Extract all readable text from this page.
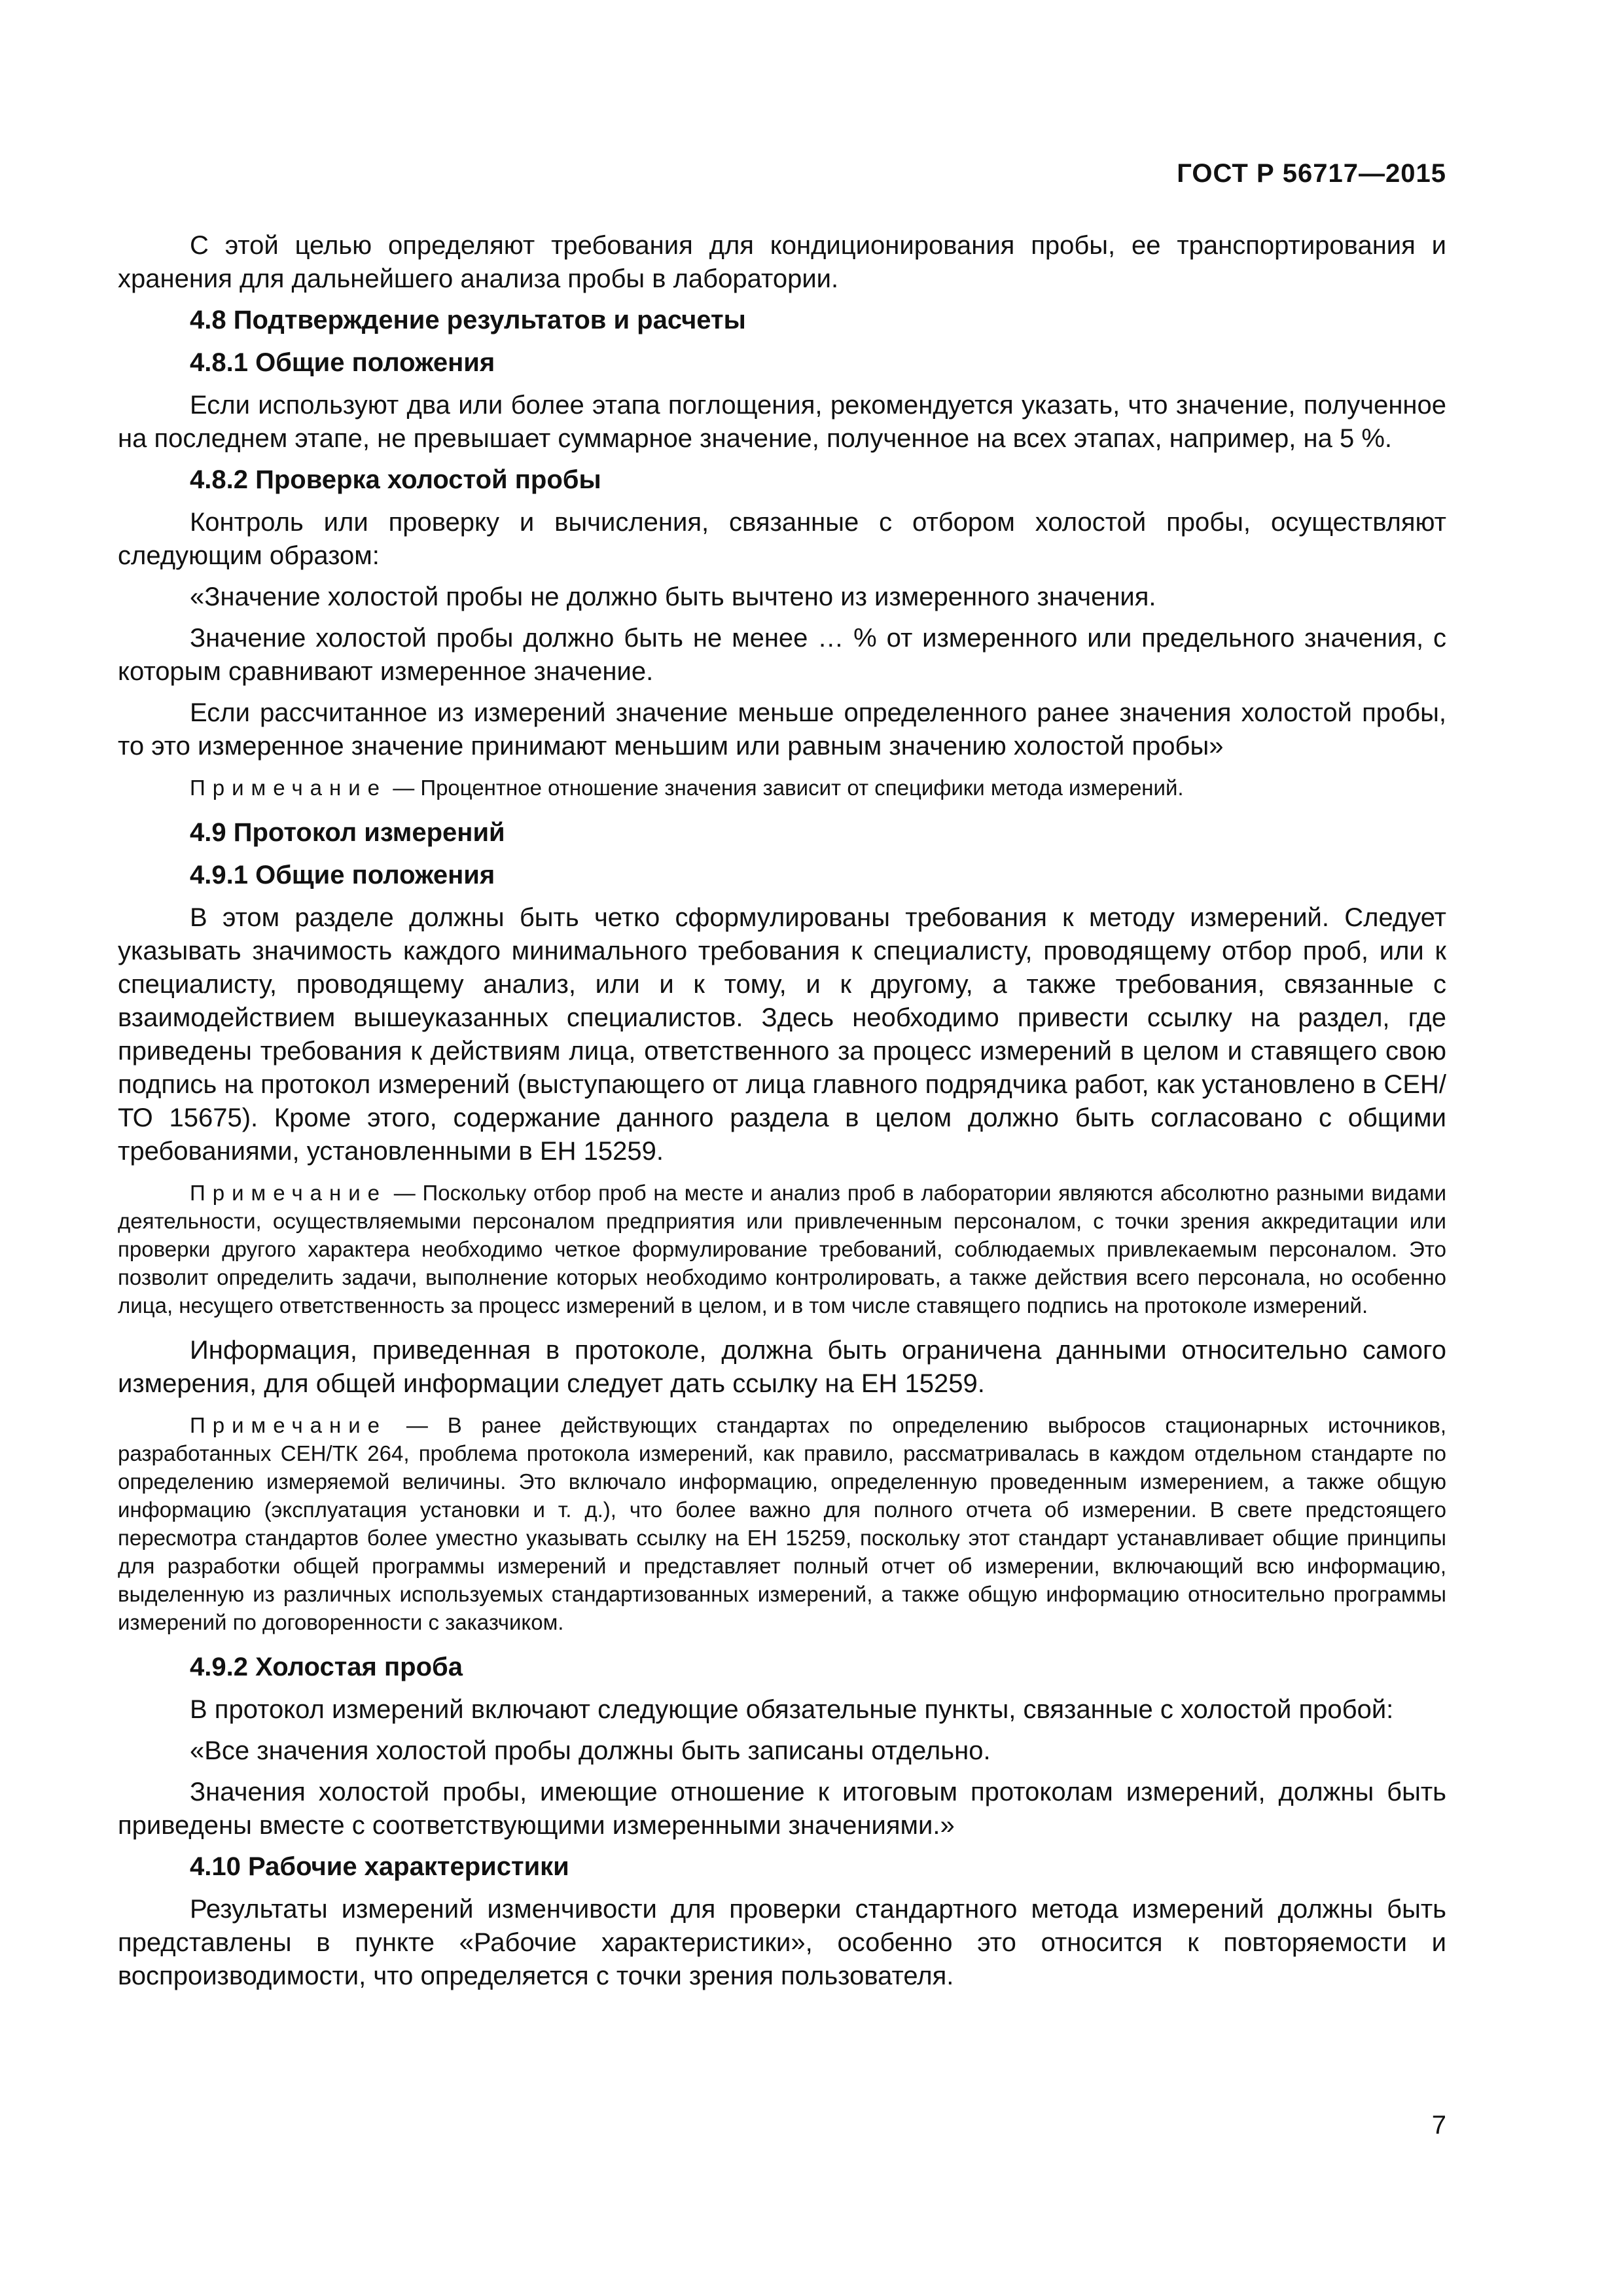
ГОСТ Р 56717—2015

С этой целью определяют требования для кондиционирования пробы, ее транспортирования и хранения для дальнейшего анализа пробы в лаборатории.

4.8 Подтверждение результатов и расчеты

4.8.1 Общие положения

Если используют два или более этапа поглощения, рекомендуется указать, что значение, полученное на последнем этапе, не превышает суммарное значение, полученное на всех этапах, например, на 5 %.

4.8.2 Проверка холостой пробы

Контроль или проверку и вычисления, связанные с отбором холостой пробы, осуществляют следующим образом:

«Значение холостой пробы не должно быть вычтено из измеренного значения.

Значение холостой пробы должно быть не менее … % от измеренного или предельного значения, с которым сравнивают измеренное значение.

Если рассчитанное из измерений значение меньше определенного ранее значения холостой пробы, то это измеренное значение принимают меньшим или равным значению холостой пробы»

Примечание — Процентное отношение значения зависит от специфики метода измерений.

4.9 Протокол измерений

4.9.1 Общие положения

В этом разделе должны быть четко сформулированы требования к методу измерений. Следует указывать значимость каждого минимального требования к специалисту, проводящему отбор проб, или к специалисту, проводящему анализ, или и к тому, и к другому, а также требования, связанные с взаимодействием вышеуказанных специалистов. Здесь необходимо привести ссылку на раздел, где приведены требования к действиям лица, ответственного за процесс измерений в целом и ставящего свою подпись на протокол измерений (выступающего от лица главного подрядчика работ, как установлено в СЕН/ТО 15675). Кроме этого, содержание данного раздела в целом должно быть согласовано с общими требованиями, установленными в ЕН 15259.

Примечание — Поскольку отбор проб на месте и анализ проб в лаборатории являются абсолютно разными видами деятельности, осуществляемыми персоналом предприятия или привлеченным персоналом, с точки зрения аккредитации или проверки другого характера необходимо четкое формулирование требований, соблюдаемых привлекаемым персоналом. Это позволит определить задачи, выполнение которых необходимо контролировать, а также действия всего персонала, но особенно лица, несущего ответственность за процесс измерений в целом, и в том числе ставящего подпись на протоколе измерений.

Информация, приведенная в протоколе, должна быть ограничена данными относительно самого измерения, для общей информации следует дать ссылку на ЕН 15259.

Примечание — В ранее действующих стандартах по определению выбросов стационарных источников, разработанных СЕН/ТК 264, проблема протокола измерений, как правило, рассматривалась в каждом отдельном стандарте по определению измеряемой величины. Это включало информацию, определенную проведенным измерением, а также общую информацию (эксплуатация установки и т. д.), что более важно для полного отчета об измерении. В свете предстоящего пересмотра стандартов более уместно указывать ссылку на ЕН 15259, поскольку этот стандарт устанавливает общие принципы для разработки общей программы измерений и представляет полный отчет об измерении, включающий всю информацию, выделенную из различных используемых стандартизованных измерений, а также общую информацию относительно программы измерений по договоренности с заказчиком.

4.9.2 Холостая проба

В протокол измерений включают следующие обязательные пункты, связанные с холостой пробой:

«Все значения холостой пробы должны быть записаны отдельно.

Значения холостой пробы, имеющие отношение к итоговым протоколам измерений, должны быть приведены вместе с соответствующими измеренными значениями.»

4.10 Рабочие характеристики

Результаты измерений изменчивости для проверки стандартного метода измерений должны быть представлены в пункте «Рабочие характеристики», особенно это относится к повторяемости и воспроизводимости, что определяется с точки зрения пользователя.

7
